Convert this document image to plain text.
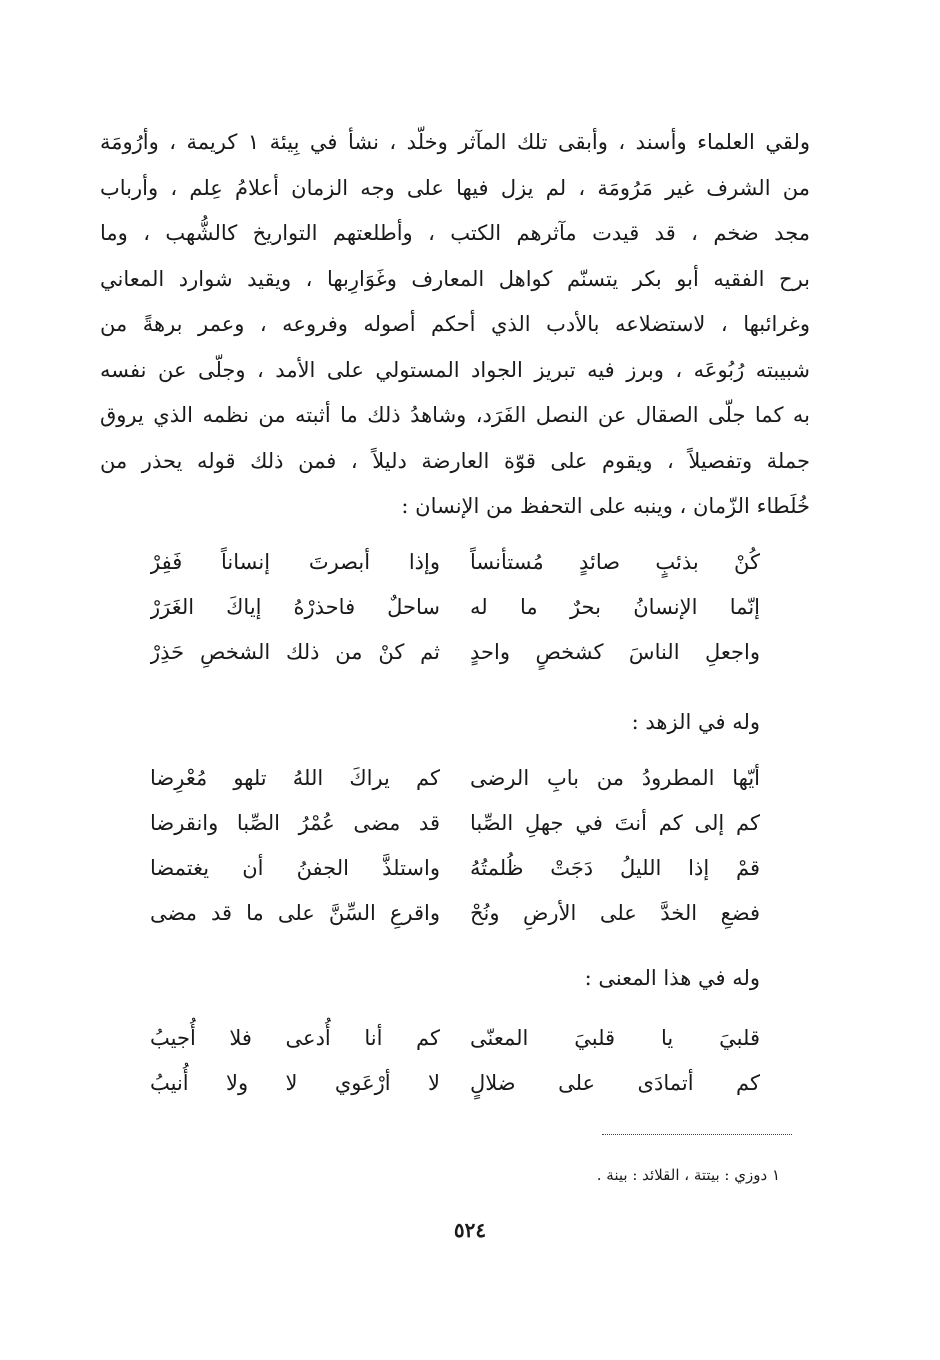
ولقي العلماء وأسند ، وأبقى تلك المآثر وخلّد ، نشأ في بِيئة ١ كريمة ، وأرُومَة
من الشرف غير مَرُومَة ، لم يزل فيها على وجه الزمان أعلامُ عِلم ، وأرباب
مجد ضخم ، قد قيدت مآثرهم الكتب ، وأطلعتهم التواريخ كالشُّهب ، وما
برح الفقيه أبو بكر يتسنّم كواهل المعارف وغَوَارِبها ، ويقيد شوارد المعاني
وغرائبها ، لاستضلاعه بالأدب الذي أحكم أصوله وفروعه ، وعمر برهةً من
شبيبته رُبُوعَه ، وبرز فيه تبريز الجواد المستولي على الأمد ، وجلّى عن نفسه
به كما جلّى الصقال عن النصل الفَرَد، وشاهدُ ذلك ما أثبته من نظمه الذي يروق
جملة وتفصيلاً ، ويقوم على قوّة العارضة دليلاً ، فمن ذلك قوله يحذر من
خُلَطاء الزّمان ، وينبه على التحفظ من الإنسان :
كُنْ بذئبٍ صائدٍ مُستأنساً
وإذا أبصرتَ إنساناً فَفِرْ
إنّما الإنسانُ بحرٌ ما له
ساحلٌ فاحذرْهُ إياكَ الغَرَرْ
واجعلِ الناسَ كشخصٍ واحدٍ
ثم كنْ من ذلك الشخصِ حَذِرْ
وله في الزهد :
أيّها المطرودُ من بابِ الرضى
كم يراكَ اللهُ تلهو مُعْرِضا
كم إلى كم أنتَ في جهلِ الصِّبا
قد مضى عُمْرُ الصِّبا وانقرضا
قمْ إذا الليلُ دَجَتْ ظُلمتُهُ
واستلذَّ الجفنُ أن يغتمضا
فضعِ الخدَّ على الأرضِ ونُحْ
واقرعِ السِّنَّ على ما قد مضى
وله في هذا المعنى :
قلبيَ يا قلبيَ المعنّى
كم أنا أُدعى فلا أُجيبُ
كم أتمادَى على ضلالٍ
لا أرْعَوي لا ولا أُنيبُ
١ دوزي : بيتتة ، القلائد : بينة .
٥٢٤
